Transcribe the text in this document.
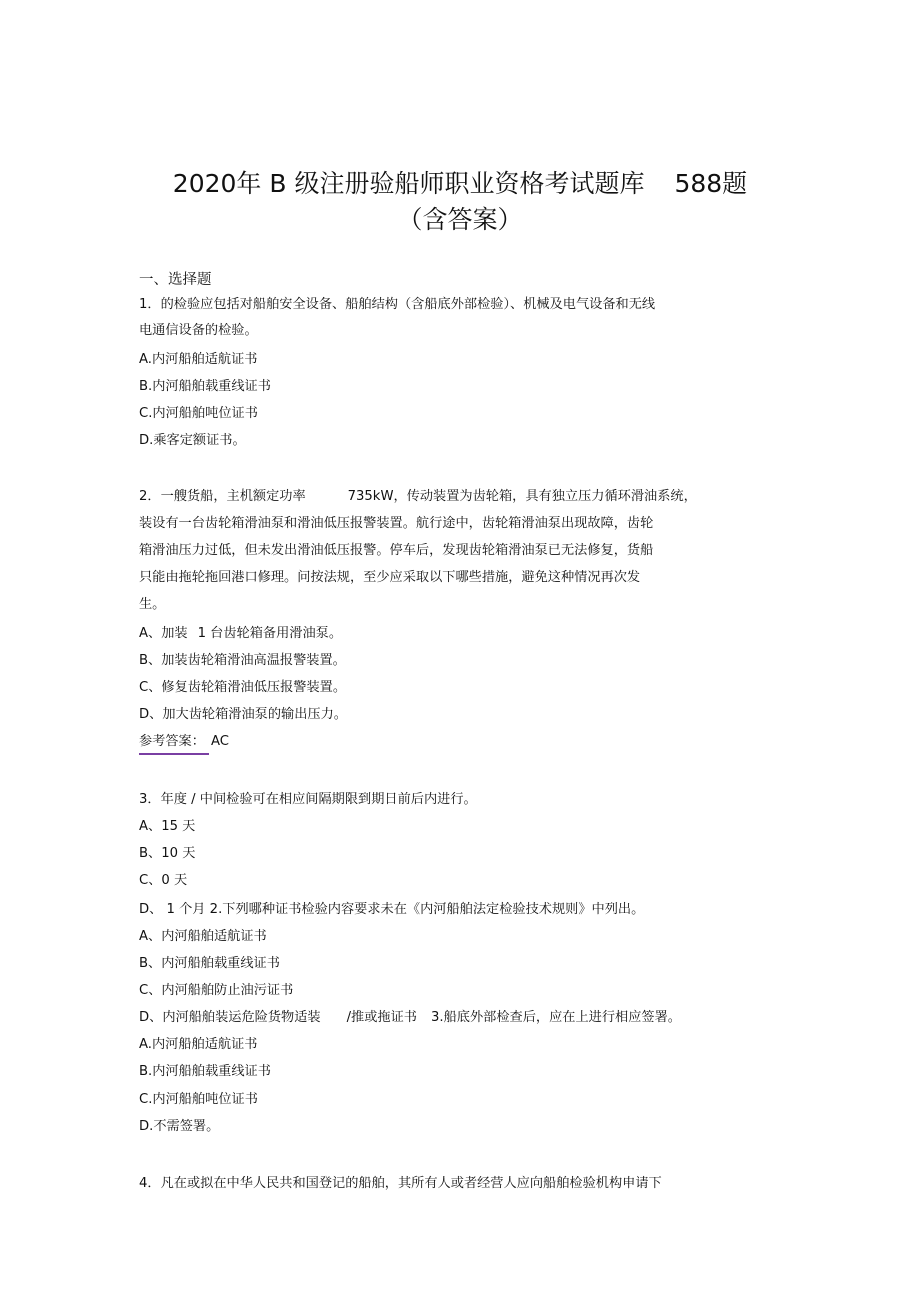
2020年 B 级注册验船师职业资格考试题库 588题
（含答案）
一、选择题
1．的检验应包括对船舶安全设备、船舶结构（含船底外部检验）、机械及电气设备和无线
电通信设备的检验。
A.内河船舶适航证书
B.内河船舶载重线证书
C.内河船舶吨位证书
D.乘客定额证书。
2．一艘货船，主机额定功率	735kW，传动装置为齿轮箱，具有独立压力循环滑油系统，
装设有一台齿轮箱滑油泵和滑油低压报警装置。航行途中，齿轮箱滑油泵出现故障，齿轮
箱滑油压力过低，但未发出滑油低压报警。停车后，发现齿轮箱滑油泵已无法修复，货船
只能由拖轮拖回港口修理。问按法规，至少应采取以下哪些措施，避免这种情况再次发
生。
A、加装 1 台齿轮箱备用滑油泵。
B、加装齿轮箱滑油高温报警装置。
C、修复齿轮箱滑油低压报警装置。
D、加大齿轮箱滑油泵的输出压力。
参考答案： AC
3．年度 / 中间检验可在相应间隔期限到期日前后内进行。
A、15 天
B、10 天
C、0 天
D、 1 个月 2.下列哪种证书检验内容要求未在《内河船舶法定检验技术规则》中列出。
A、内河船舶适航证书
B、内河船舶载重线证书
C、内河船舶防止油污证书
D、内河船舶装运危险货物适装 /推或拖证书 3.船底外部检查后，应在上进行相应签署。
A.内河船舶适航证书
B.内河船舶载重线证书
C.内河船舶吨位证书
D.不需签署。
4．凡在或拟在中华人民共和国登记的船舶，其所有人或者经营人应向船舶检验机构申请下
